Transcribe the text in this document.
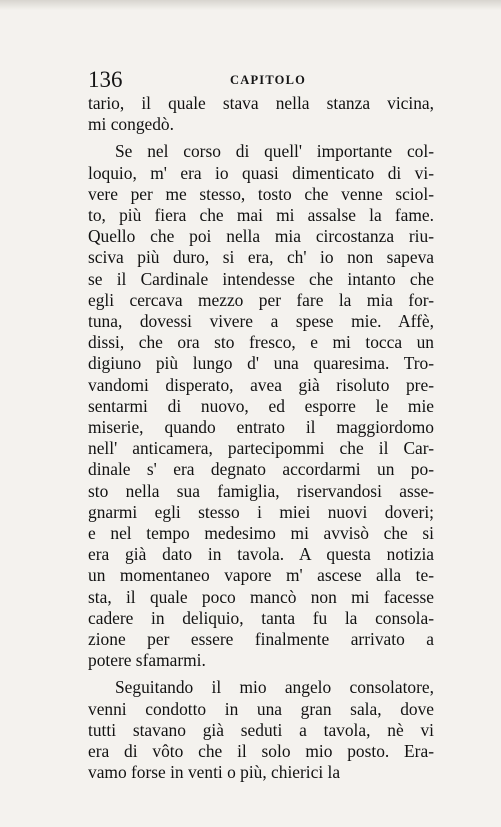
136	CAPITOLO
tario, il quale stava nella stanza vicina,
mi congedò.
Se nel corso di quell' importante col-
loquio, m' era io quasi dimenticato di vi-
vere per me stesso, tosto che venne sciol-
to, più fiera che mai mi assalse la fame.
Quello che poi nella mia circostanza riu-
sciva più duro, si era, ch' io non sapeva
se il Cardinale intendesse che intanto che
egli cercava mezzo per fare la mia for-
tuna, dovessi vivere a spese mie. Affè,
dissi, che ora sto fresco, e mi tocca un
digiuno più lungo d' una quaresima. Tro-
vandomi disperato, avea già risoluto pre-
sentarmi di nuovo, ed esporre le mie
miserie, quando entrato il maggiordomo
nell' anticamera, partecipommi che il Car-
dinale s' era degnato accordarmi un po-
sto nella sua famiglia, riservandosi asse-
gnarmi egli stesso i miei nuovi doveri;
e nel tempo medesimo mi avvisò che si
era già dato in tavola. A questa notizia
un momentaneo vapore m' ascese alla te-
sta, il quale poco mancò non mi facesse
cadere in deliquio, tanta fu la consola-
zione per essere finalmente arrivato a
potere sfamarmi.
Seguitando il mio angelo consolatore,
venni condotto in una gran sala, dove
tutti stavano già seduti a tavola, nè vi
era di vôto che il solo mio posto. Era-
vamo forse in venti o più, chierici la
